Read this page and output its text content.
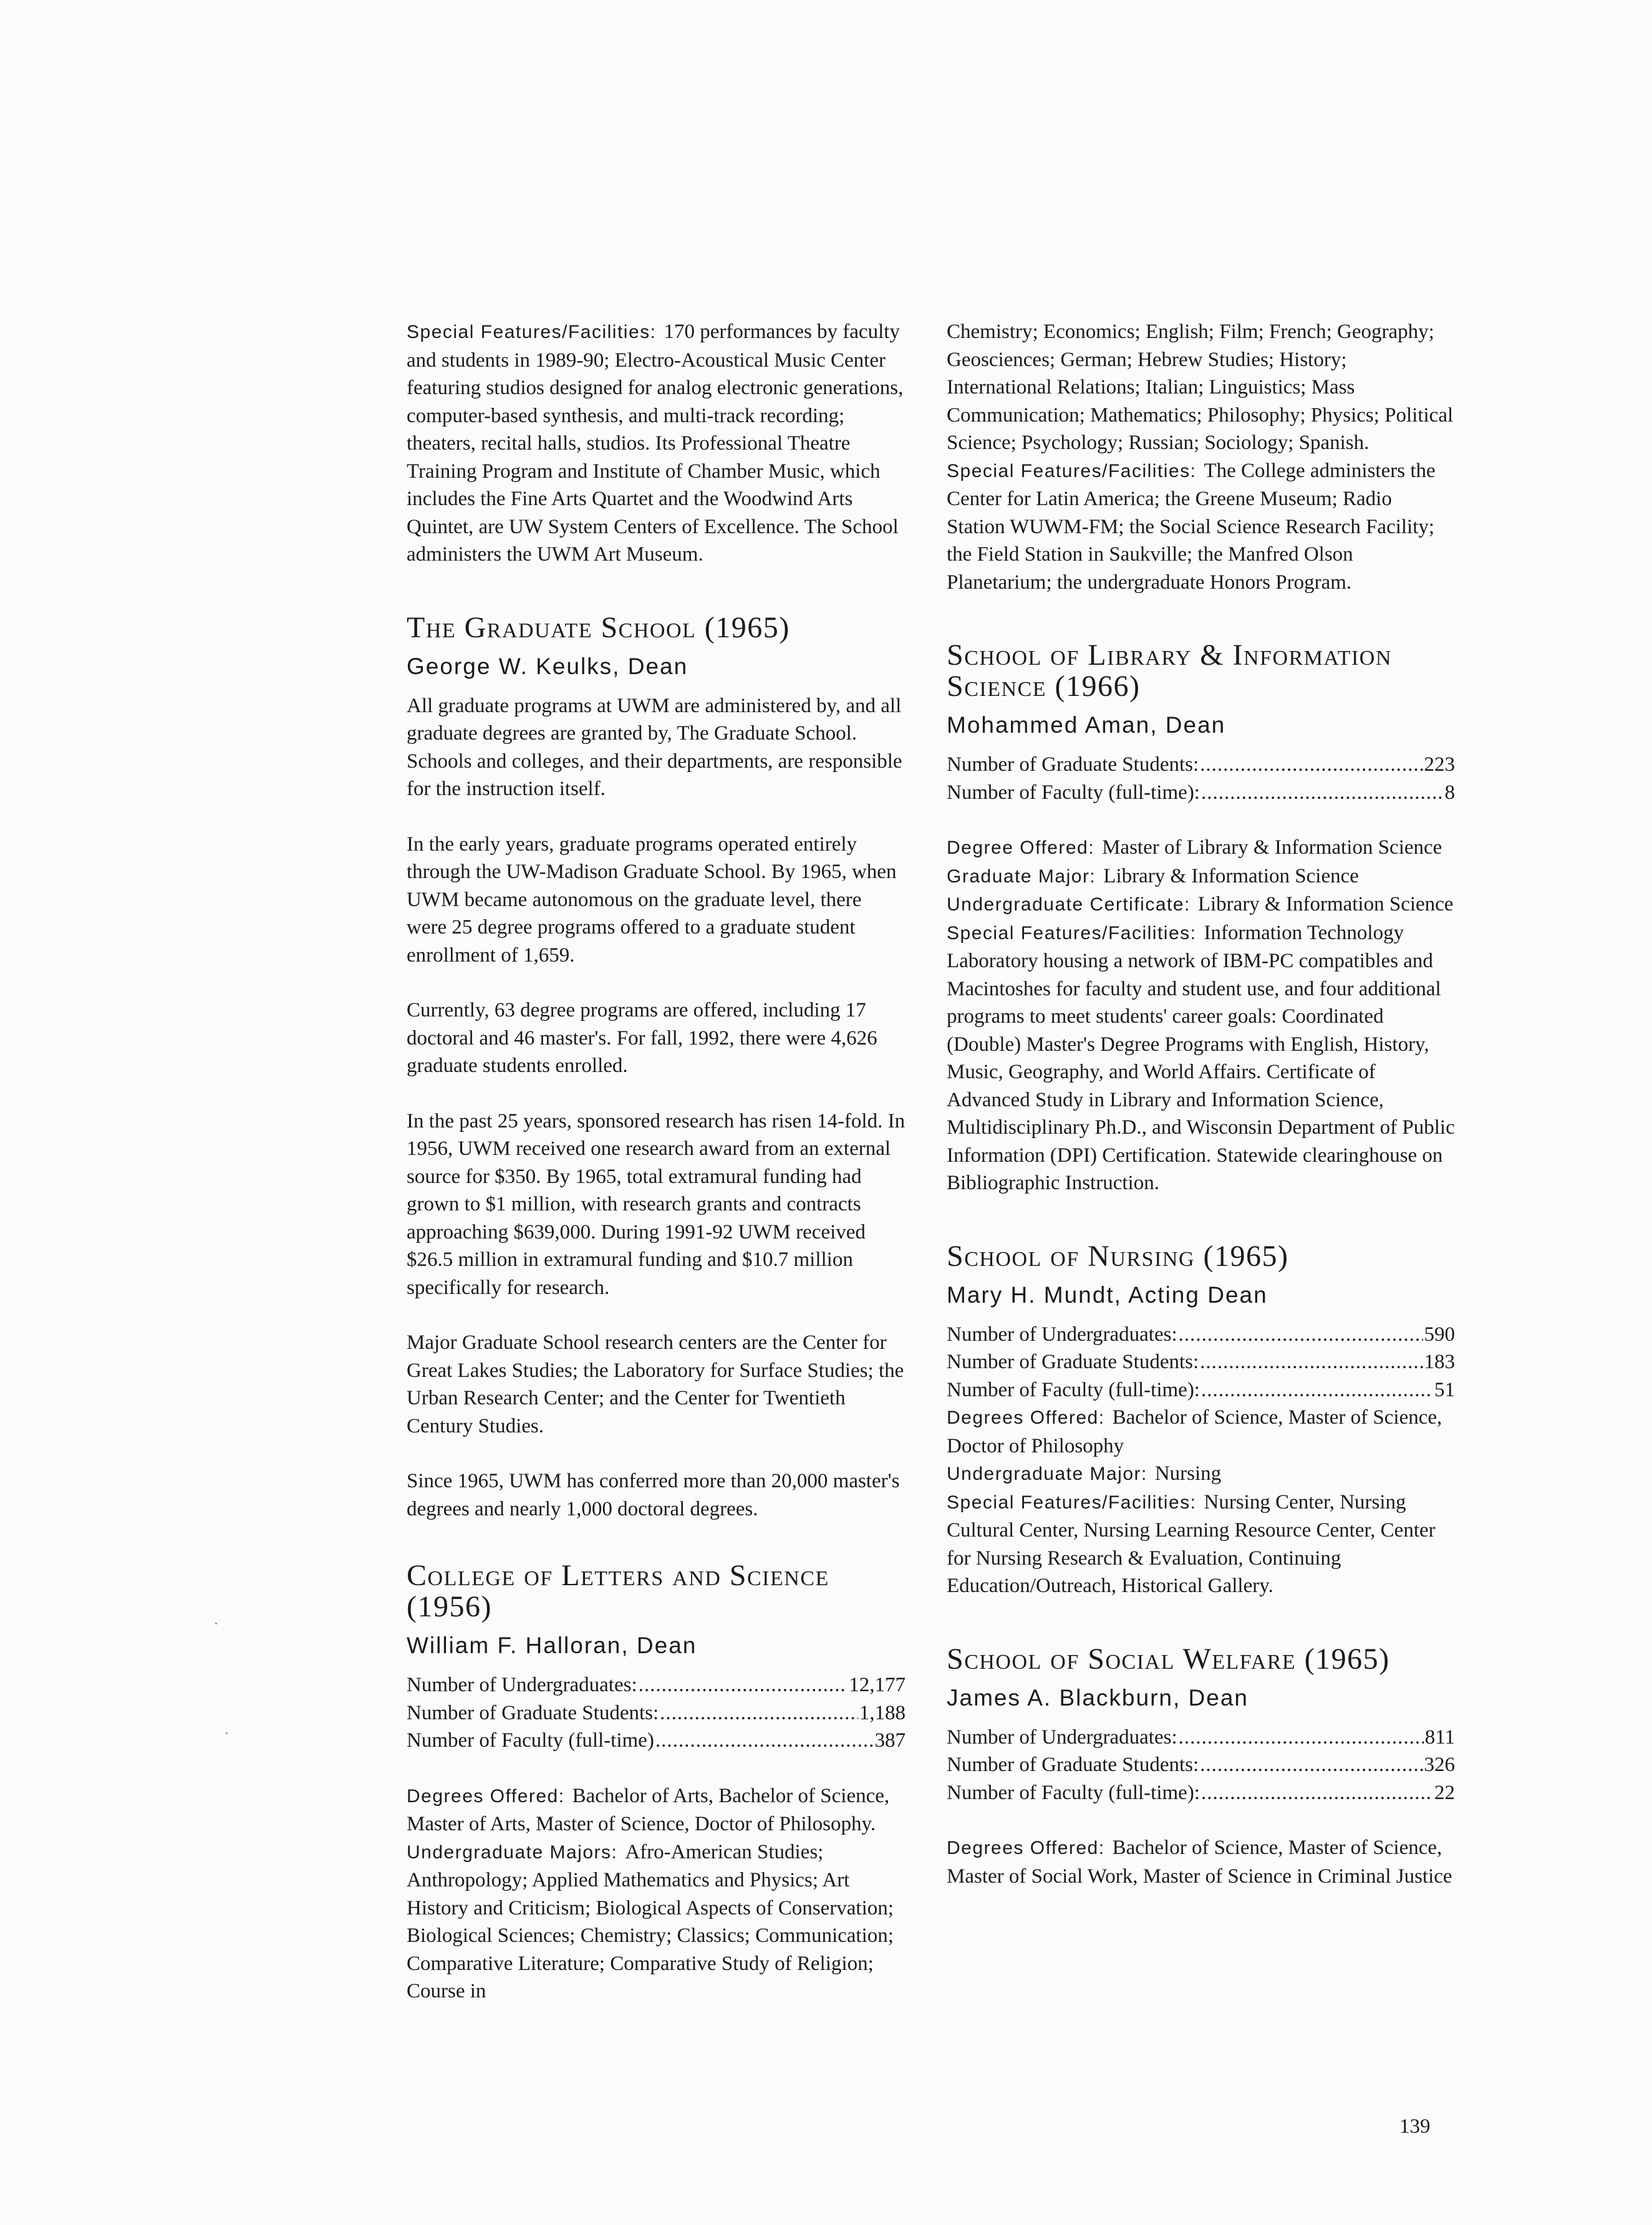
Special Features/Facilities: 170 performances by faculty and students in 1989-90; Electro-Acoustical Music Center featuring studios designed for analog electronic generations, computer-based synthesis, and multi-track recording; theaters, recital halls, studios. Its Professional Theatre Training Program and Institute of Chamber Music, which includes the Fine Arts Quartet and the Woodwind Arts Quintet, are UW System Centers of Excellence. The School administers the UWM Art Museum.

The Graduate School (1965)
George W. Keulks, Dean

All graduate programs at UWM are administered by, and all graduate degrees are granted by, The Graduate School. Schools and colleges, and their departments, are responsible for the instruction itself.

In the early years, graduate programs operated entirely through the UW-Madison Graduate School. By 1965, when UWM became autonomous on the graduate level, there were 25 degree programs offered to a graduate student enrollment of 1,659.

Currently, 63 degree programs are offered, including 17 doctoral and 46 master's. For fall, 1992, there were 4,626 graduate students enrolled.

In the past 25 years, sponsored research has risen 14-fold. In 1956, UWM received one research award from an external source for $350. By 1965, total extramural funding had grown to $1 million, with research grants and contracts approaching $639,000. During 1991-92 UWM received $26.5 million in extramural funding and $10.7 million specifically for research.

Major Graduate School research centers are the Center for Great Lakes Studies; the Laboratory for Surface Studies; the Urban Research Center; and the Center for Twentieth Century Studies.

Since 1965, UWM has conferred more than 20,000 master's degrees and nearly 1,000 doctoral degrees.

College of Letters and Science (1956)
William F. Halloran, Dean
Number of Undergraduates: .....	12,177
Number of Graduate Students: .....	1,188
Number of Faculty (full-time) .....	387

Degrees Offered: Bachelor of Arts, Bachelor of Science, Master of Arts, Master of Science, Doctor of Philosophy.

Undergraduate Majors: Afro-American Studies; Anthropology; Applied Mathematics and Physics; Art History and Criticism; Biological Aspects of Conservation; Biological Sciences; Chemistry; Classics; Communication; Comparative Literature; Comparative Study of Religion; Course in

Chemistry; Economics; English; Film; French; Geography; Geosciences; German; Hebrew Studies; History; International Relations; Italian; Linguistics; Mass Communication; Mathematics; Philosophy; Physics; Political Science; Psychology; Russian; Sociology; Spanish.

Special Features/Facilities: The College administers the Center for Latin America; the Greene Museum; Radio Station WUWM-FM; the Social Science Research Facility; the Field Station in Saukville; the Manfred Olson Planetarium; the undergraduate Honors Program.

School of Library & Information Science (1966)
Mohammed Aman, Dean
Number of Graduate Students: .....	223
Number of Faculty (full-time): .....	8

Degree Offered: Master of Library & Information Science

Graduate Major: Library & Information Science

Undergraduate Certificate: Library & Information Science

Special Features/Facilities: Information Technology Laboratory housing a network of IBM-PC compatibles and Macintoshes for faculty and student use, and four additional programs to meet students' career goals: Coordinated (Double) Master's Degree Programs with English, History, Music, Geography, and World Affairs. Certificate of Advanced Study in Library and Information Science, Multidisciplinary Ph.D., and Wisconsin Department of Public Information (DPI) Certification. Statewide clearinghouse on Bibliographic Instruction.

School of Nursing (1965)
Mary H. Mundt, Acting Dean
Number of Undergraduates: .....	590
Number of Graduate Students: .....	183
Number of Faculty (full-time): .....	51

Degrees Offered: Bachelor of Science, Master of Science, Doctor of Philosophy

Undergraduate Major: Nursing

Special Features/Facilities: Nursing Center, Nursing Cultural Center, Nursing Learning Resource Center, Center for Nursing Research & Evaluation, Continuing Education/Outreach, Historical Gallery.

School of Social Welfare (1965)
James A. Blackburn, Dean
Number of Undergraduates: .....	811
Number of Graduate Students: .....	326
Number of Faculty (full-time): .....	22

Degrees Offered: Bachelor of Science, Master of Science, Master of Social Work, Master of Science in Criminal Justice

139
